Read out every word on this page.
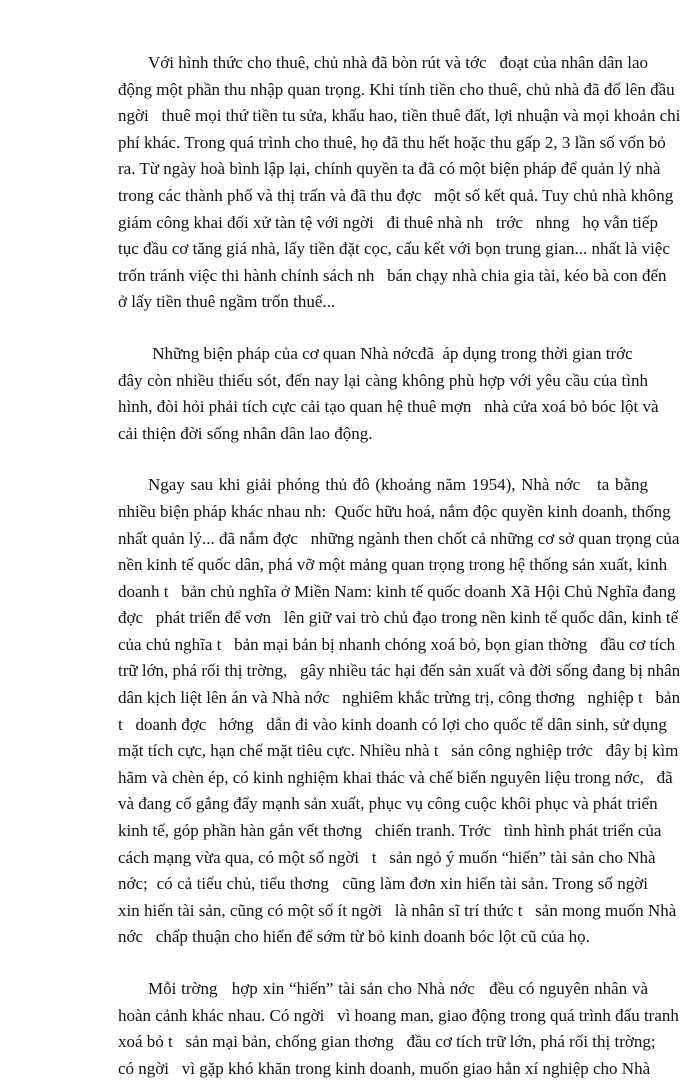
Với hình thức cho thuê, chủ nhà đã bòn rút và tớc   đoạt của nhân dân lao
động một phần thu nhập quan trọng. Khi tính tiền cho thuê, chủ nhà đã đổ lên đầu
ngời   thuê mọi thứ tiền tu sửa, khấu hao, tiền thuê đất, lợi nhuận và mọi khoản chi
phí khác. Trong quá trình cho thuê, họ đã thu hết hoặc thu gấp 2, 3 lần số vốn bỏ
ra. Từ ngày hoà bình lập lại, chính quyền ta đã có một biện pháp để quản lý nhà
trong các thành phố và thị trấn và đã thu đợc   một số kết quả. Tuy chủ nhà không
giám công khai đối xử tàn tệ với ngời   đi thuê nhà nh   trớc   nhng   họ vẫn tiếp
tục đầu cơ tăng giá nhà, lấy tiền đặt cọc, cấu kết với bọn trung gian... nhất là việc
trốn tránh việc thi hành chính sách nh   bán chạy nhà chia gia tài, kéo bà con đến
ở lấy tiền thuê ngầm trốn thuế...
Những biện pháp của cơ quan Nhà nớcđã  áp dụng trong thời gian trớc
đây còn nhiều thiếu sót, đến nay lại càng không phù hợp với yêu cầu của tình
hình, đòi hỏi phải tích cực cải tạo quan hệ thuê mợn   nhà cửa xoá bỏ bóc lột và
cải thiện đời sống nhân dân lao động.
Ngay sau khi giải phóng thủ đô (khoảng năm 1954), Nhà nớc   ta bằng
nhiều biện pháp khác nhau nh:  Quốc hữu hoá, nắm độc quyền kinh doanh, thống
nhất quản lý... đã nắm đợc   những ngành then chốt cả những cơ sở quan trọng của
nền kinh tế quốc dân, phá vỡ một mảng quan trọng trong hệ thống sản xuất, kinh
doanh t   bản chủ nghĩa ở Miền Nam: kinh tế quốc doanh Xã Hội Chủ Nghĩa đang
đợc   phát triển để vơn   lên giữ vai trò chủ đạo trong nền kinh tế quốc dân, kinh tế
của chủ nghĩa t   bản mại bản bị nhanh chóng xoá bỏ, bọn gian thờng   đầu cơ tích
trữ lớn, phá rối thị trờng,   gây nhiều tác hại đến sản xuất và đời sống đang bị nhân
dân kịch liệt lên án và Nhà nớc   nghiêm khắc trừng trị, công thơng   nghiệp t   bản
t   doanh đợc   hớng   dẫn đi vào kinh doanh có lợi cho quốc tế dân sinh, sử dụng
mặt tích cực, hạn chế mặt tiêu cực. Nhiều nhà t   sản công nghiệp trớc   đây bị kìm
hãm và chèn ép, có kinh nghiệm khai thác và chế biến nguyên liệu trong nớc,   đã
và đang cố gắng đẩy mạnh sản xuất, phục vụ công cuộc khôi phục và phát triển
kinh tế, góp phần hàn gắn vết thơng   chiến tranh. Trớc   tình hình phát triển của
cách mạng vừa qua, có một số ngời   t   sản ngỏ ý muốn “hiến” tài sản cho Nhà
nớc;  có cả tiểu chủ, tiểu thơng   cũng làm đơn xin hiến tài sản. Trong số ngời
xin hiến tài sản, cũng có một số ít ngời   là nhân sĩ trí thức t   sản mong muốn Nhà
nớc   chấp thuận cho hiến để sớm từ bỏ kinh doanh bóc lột cũ của họ.
Mỗi trờng   hợp xin “hiến” tài sản cho Nhà nớc   đều có nguyên nhân và
hoàn cảnh khác nhau. Có ngời   vì hoang man, giao động trong quá trình đấu tranh
xoá bỏ t   sản mại bản, chống gian thơng   đầu cơ tích trữ lớn, phá rối thị trờng;
có ngời   vì gặp khó khăn trong kinh doanh, muốn giao hẳn xí nghiệp cho Nhà
